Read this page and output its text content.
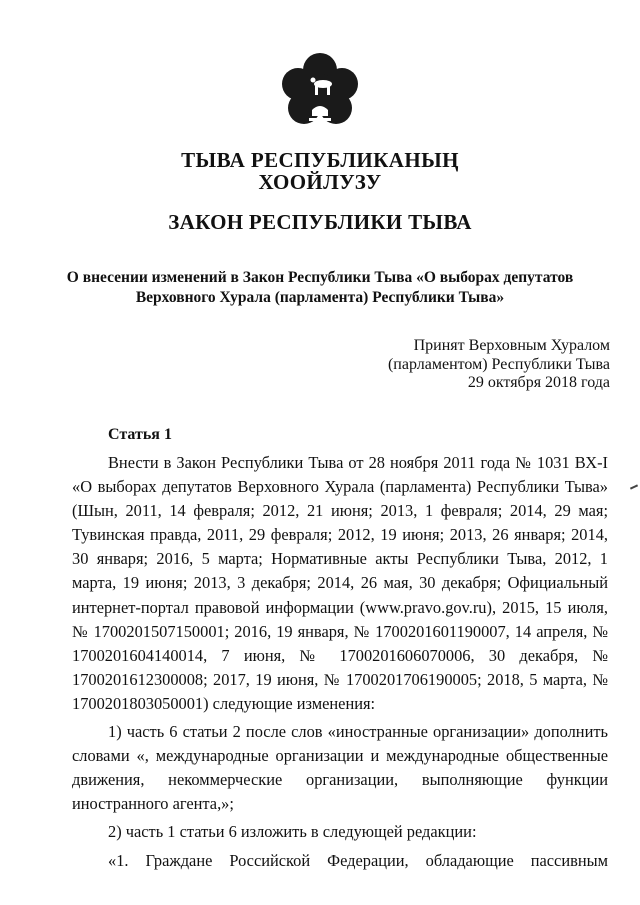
ТЫВА РЕСПУБЛИКАНЫҢ
ХООЙЛУЗУ
ЗАКОН РЕСПУБЛИКИ ТЫВА
О внесении изменений в Закон Республики Тыва «О выборах депутатов
Верховного Хурала (парламента) Республики Тыва»
Принят Верховным Хуралом
(парламентом) Республики Тыва
29 октября 2018 года
Статья 1

Внести в Закон Республики Тыва от 28 ноября 2011 года № 1031 ВХ-I «О выборах депутатов Верховного Хурала (парламента) Республики Тыва» (Шын, 2011, 14 февраля; 2012, 21 июня; 2013, 1 февраля; 2014, 29 мая; Тувинская правда, 2011, 29 февраля; 2012, 19 июня; 2013, 26 января; 2014, 30 января; 2016, 5 марта; Нормативные акты Республики Тыва, 2012, 1 марта, 19 июня; 2013, 3 декабря; 2014, 26 мая, 30 декабря; Официальный интернет-портал правовой информации (www.pravo.gov.ru), 2015, 15 июля, № 1700201507150001; 2016, 19 января, № 1700201601190007, 14 апреля, № 1700201604140014, 7 июня, № 1700201606070006, 30 декабря, № 1700201612300008; 2017, 19 июня, № 1700201706190005; 2018, 5 марта, № 1700201803050001) следующие изменения:

1) часть 6 статьи 2 после слов «иностранные организации» дополнить словами «, международные организации и международные общественные движения, некоммерческие организации, выполняющие функции иностранного агента,»;

2) часть 1 статьи 6 изложить в следующей редакции:

«1. Граждане Российской Федерации, обладающие пассивным
